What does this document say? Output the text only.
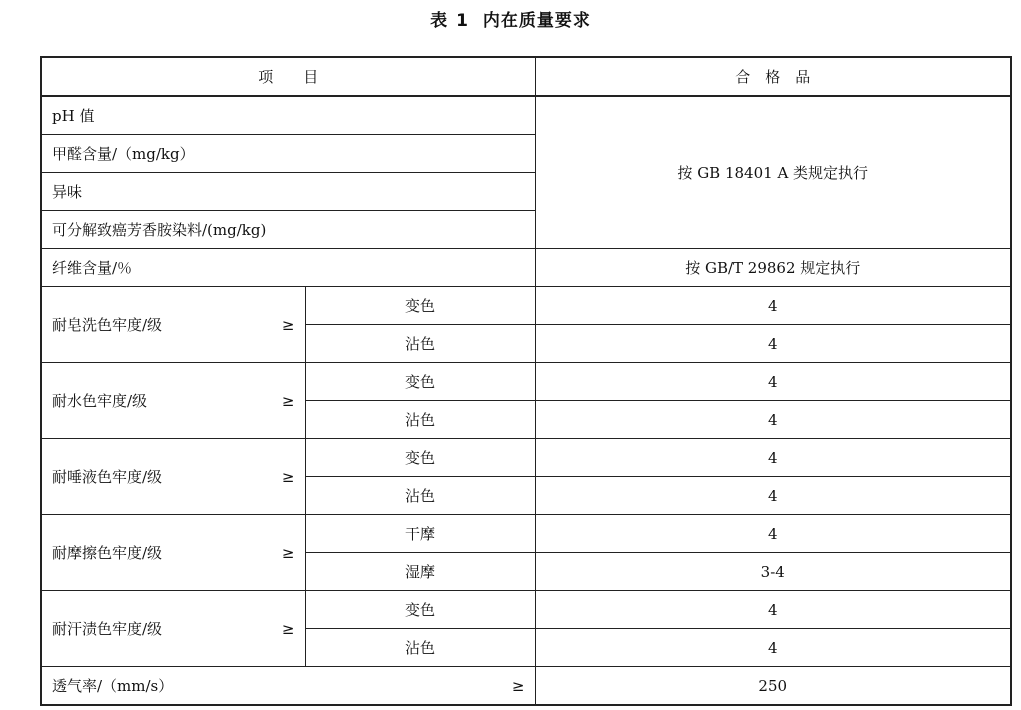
表 1 内在质量要求
项　　目			合　格　品
pH 值			按 GB 18401 A 类规定执行
甲醛含量/（mg/kg）			
异味			
可分解致癌芳香胺染料/(mg/kg)			
纤维含量/％			按 GB/T 29862 规定执行
耐皂洗色牢度/级	≥	变色	4
		沾色	4
耐水色牢度/级	≥	变色	4
		沾色	4
耐唾液色牢度/级	≥	变色	4
		沾色	4
耐摩擦色牢度/级	≥	干摩	4
		湿摩	3-4
耐汗渍色牢度/级	≥	变色	4
		沾色	4
透气率/（mm/s）		≥	250
